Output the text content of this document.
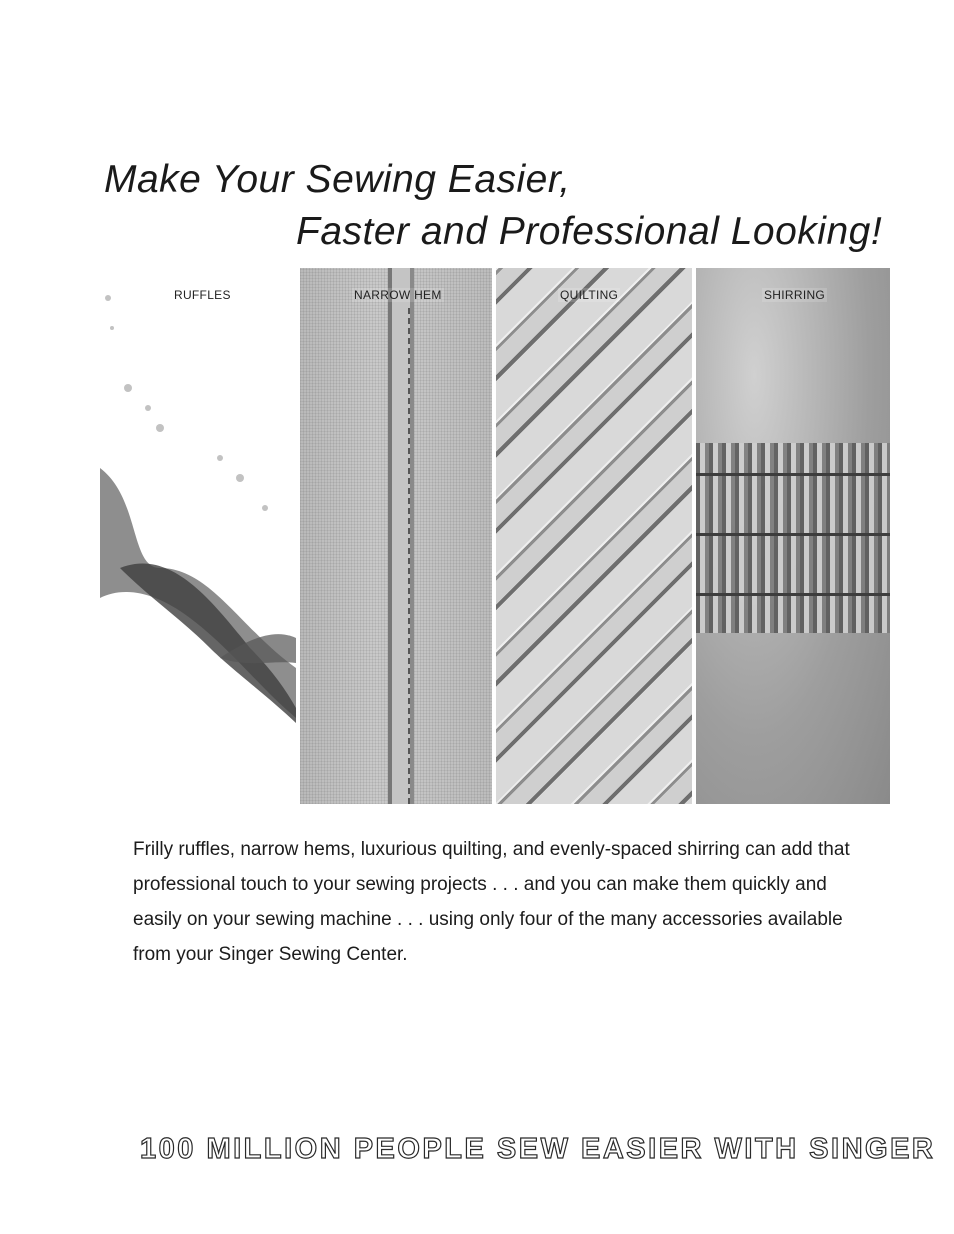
Make Your Sewing Easier,
Faster and Professional Looking!
RUFFLES	NARROW HEM	QUILTING	SHIRRING
Frilly ruffles, narrow hems, luxurious quilting, and evenly-spaced shirring can add that professional touch to your sewing projects . . . and you can make them quickly and easily on your sewing machine . . . using only four of the many accessories available from your Singer Sewing Center.
100 MILLION PEOPLE SEW EASIER WITH SINGER
